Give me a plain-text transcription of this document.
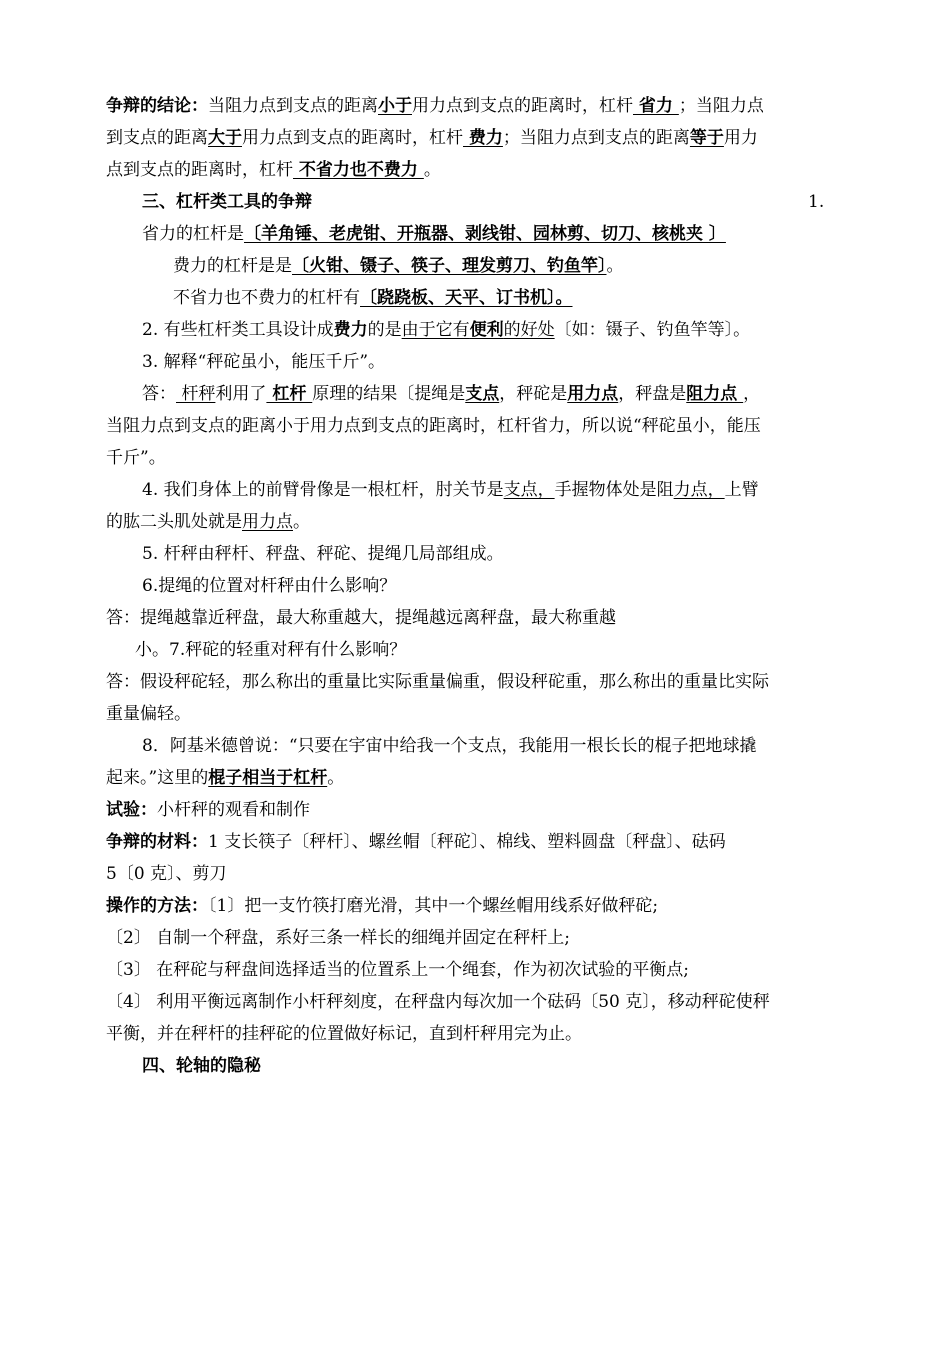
争辩的结论：当阻力点到支点的距离小于用力点到支点的距离时，杠杆 省力 ；当阻力点
到支点的距离大于用力点到支点的距离时，杠杆 费力；当阻力点到支点的距离等于用力
点到支点的距离时，杠杆 不省力也不费力 。
三、杠杆类工具的争辩	1.
省力的杠杆是〔羊角锤、老虎钳、开瓶器、剥线钳、园林剪、切刀、核桃夹 〕
费力的杠杆是是〔火钳、镊子、筷子、理发剪刀、钓鱼竿〕。
不省力也不费力的杠杆有〔跷跷板、天平、订书机〕。
2. 有些杠杆类工具设计成费力的是由于它有便利的好处〔如：镊子、钓鱼竿等〕。
3. 解释“秤砣虽小，能压千斤”。
答： 杆秤利用了 杠杆 原理的结果〔提绳是支点，秤砣是用力点，秤盘是阻力点 ，
当阻力点到支点的距离小于用力点到支点的距离时，杠杆省力，所以说“秤砣虽小，能压
千斤”。
4. 我们身体上的前臂骨像是一根杠杆，肘关节是支点，手握物体处是阻力点，上臂
的肱二头肌处就是用力点。
5. 杆秤由秤杆、秤盘、秤砣、提绳几局部组成。
6.提绳的位置对杆秤由什么影响？
答：提绳越靠近秤盘，最大称重越大，提绳越远离秤盘，最大称重越
小。7.秤砣的轻重对秤有什么影响？
答：假设秤砣轻，那么称出的重量比实际重量偏重，假设秤砣重，那么称出的重量比实际
重量偏轻。
8．阿基米德曾说：“只要在宇宙中给我一个支点，我能用一根长长的棍子把地球撬
起来。”这里的棍子相当于杠杆。
试验：小杆秤的观看和制作
争辩的材料：1 支长筷子〔秤杆〕、螺丝帽〔秤砣〕、棉线、塑料圆盘〔秤盘〕、砝码
5〔0 克〕、剪刀
操作的方法：〔1〕把一支竹筷打磨光滑，其中一个螺丝帽用线系好做秤砣;
〔2〕 自制一个秤盘，系好三条一样长的细绳并固定在秤杆上;
〔3〕 在秤砣与秤盘间选择适当的位置系上一个绳套，作为初次试验的平衡点;
〔4〕 利用平衡远离制作小杆秤刻度，在秤盘内每次加一个砝码〔50 克〕，移动秤砣使秤
平衡，并在秤杆的挂秤砣的位置做好标记，直到杆秤用完为止。
四、轮轴的隐秘
